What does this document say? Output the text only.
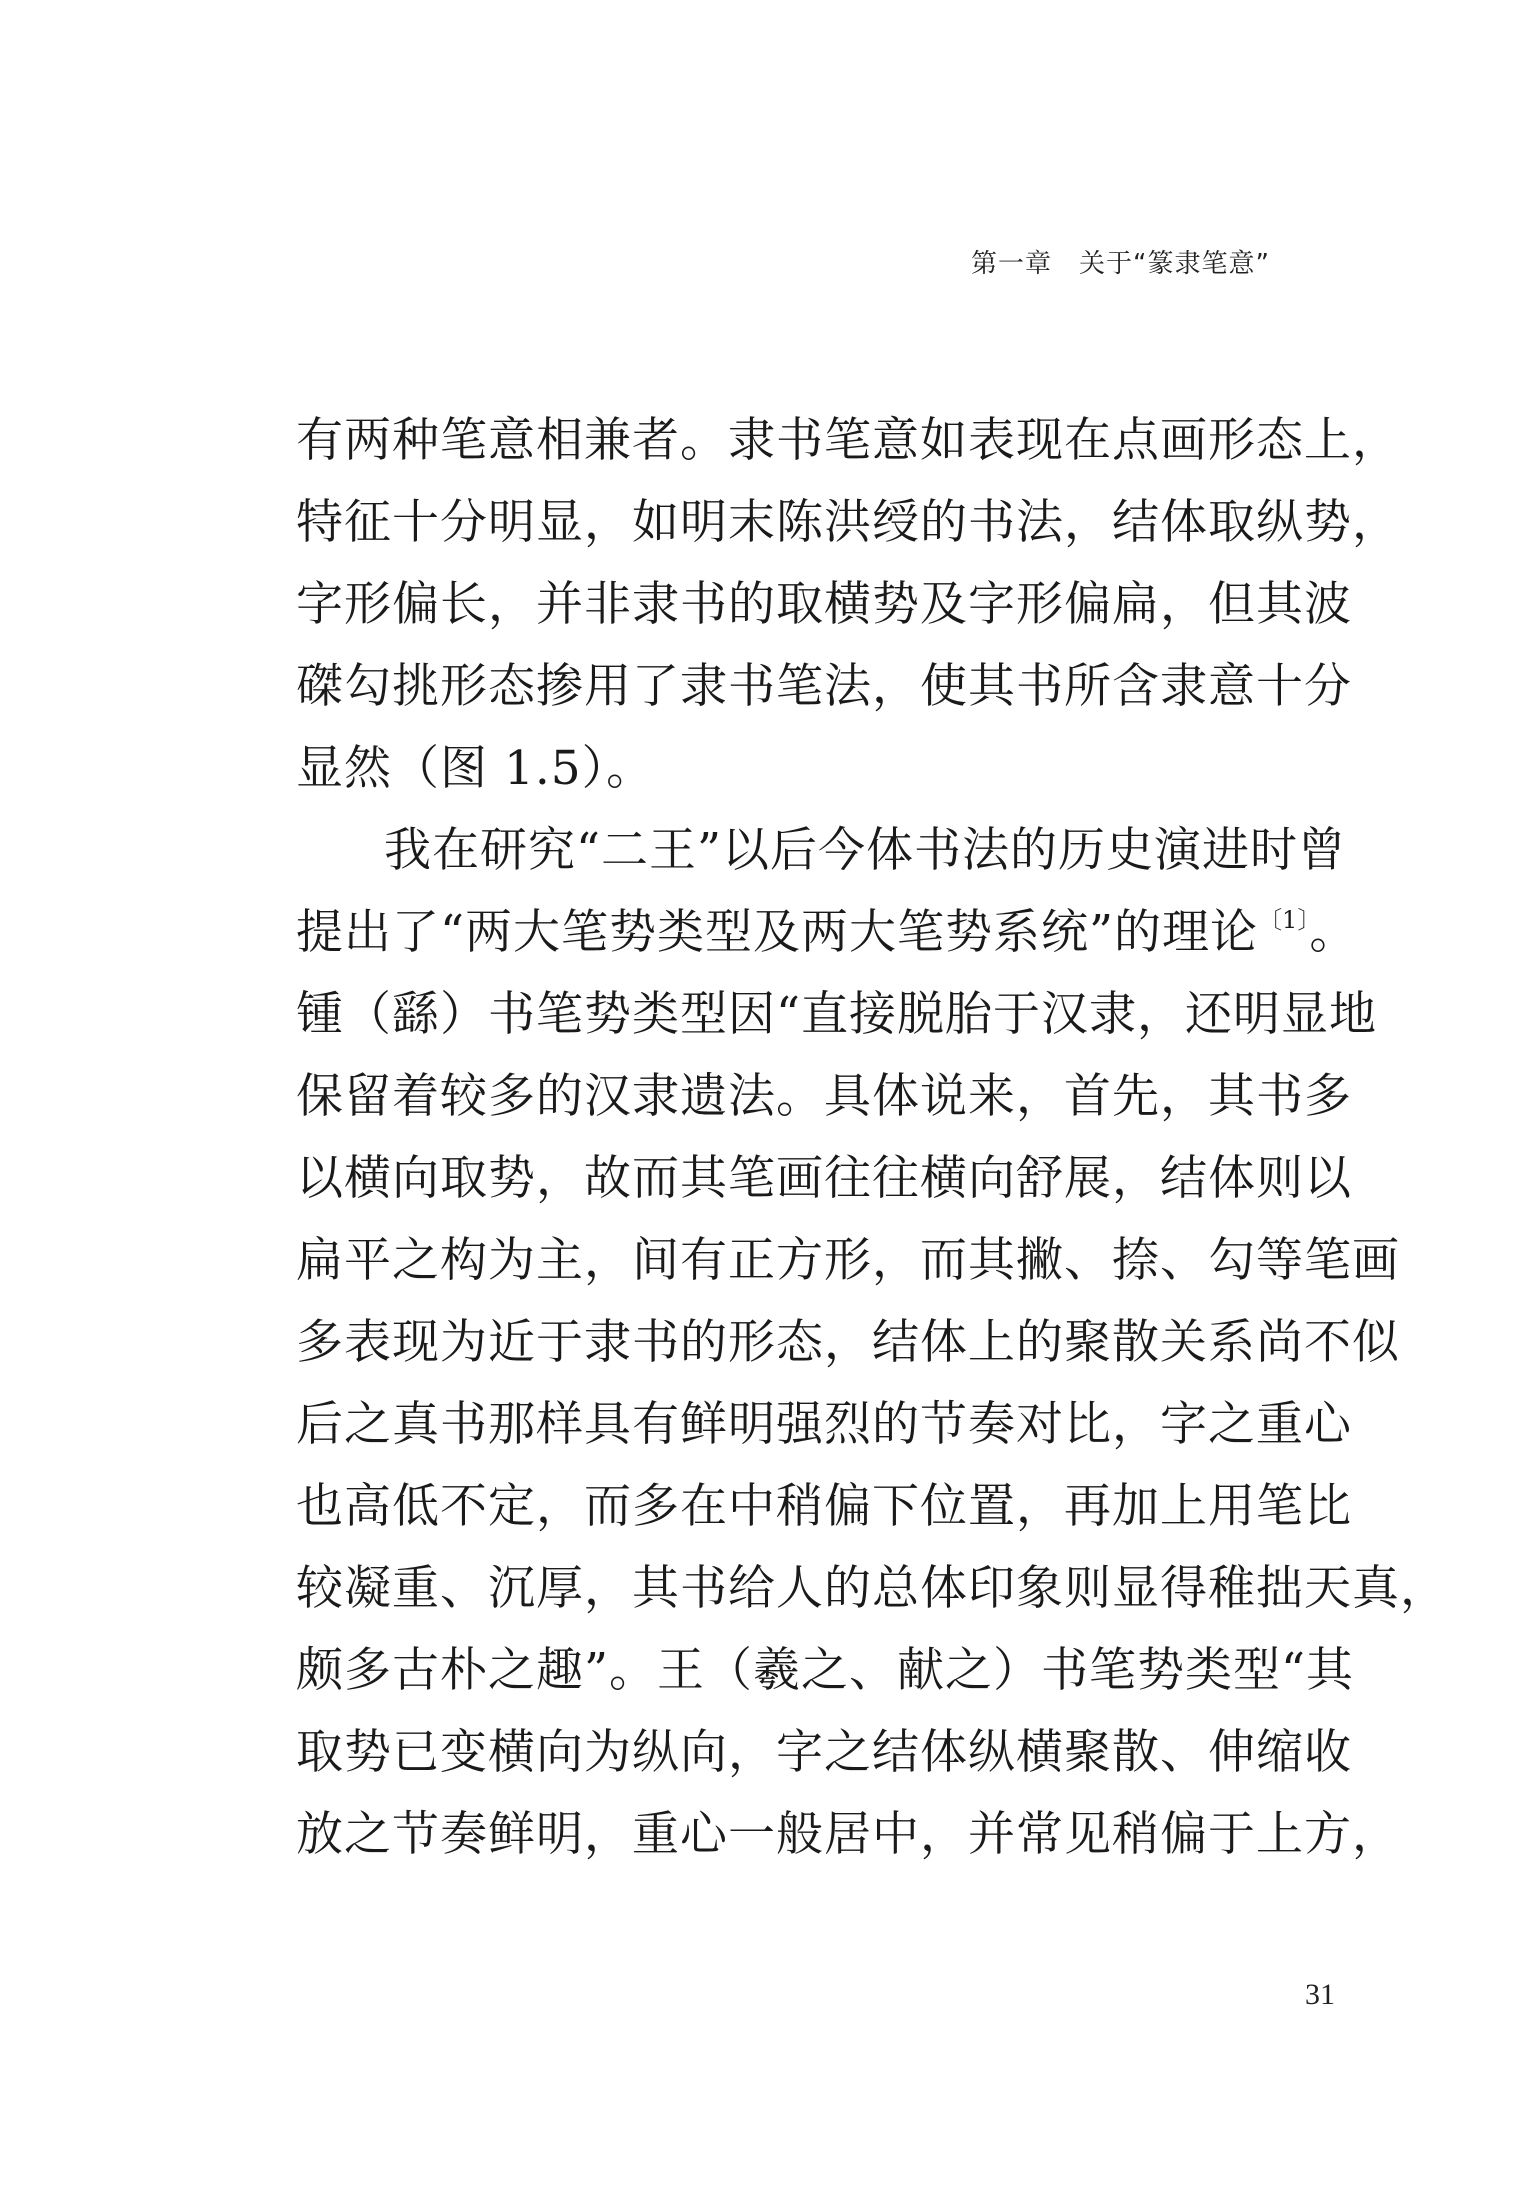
第一章　关于“篆隶笔意”
有两种笔意相兼者。隶书笔意如表现在点画形态上，
特征十分明显，如明末陈洪绶的书法，结体取纵势，
字形偏长，并非隶书的取横势及字形偏扁，但其波
磔勾挑形态掺用了隶书笔法，使其书所含隶意十分
显然（图 1.5）。
我在研究“二王”以后今体书法的历史演进时曾
提出了“两大笔势类型及两大笔势系统”的理论$^{〔1〕}$。
锺（繇）书笔势类型因“直接脱胎于汉隶，还明显地
保留着较多的汉隶遗法。具体说来，首先，其书多
以横向取势，故而其笔画往往横向舒展，结体则以
扁平之构为主，间有正方形，而其撇、捺、勾等笔画
多表现为近于隶书的形态，结体上的聚散关系尚不似
后之真书那样具有鲜明强烈的节奏对比，字之重心
也高低不定，而多在中稍偏下位置，再加上用笔比
较凝重、沉厚，其书给人的总体印象则显得稚拙天真，
颇多古朴之趣”。王（羲之、献之）书笔势类型“其
取势已变横向为纵向，字之结体纵横聚散、伸缩收
放之节奏鲜明，重心一般居中，并常见稍偏于上方，
31
